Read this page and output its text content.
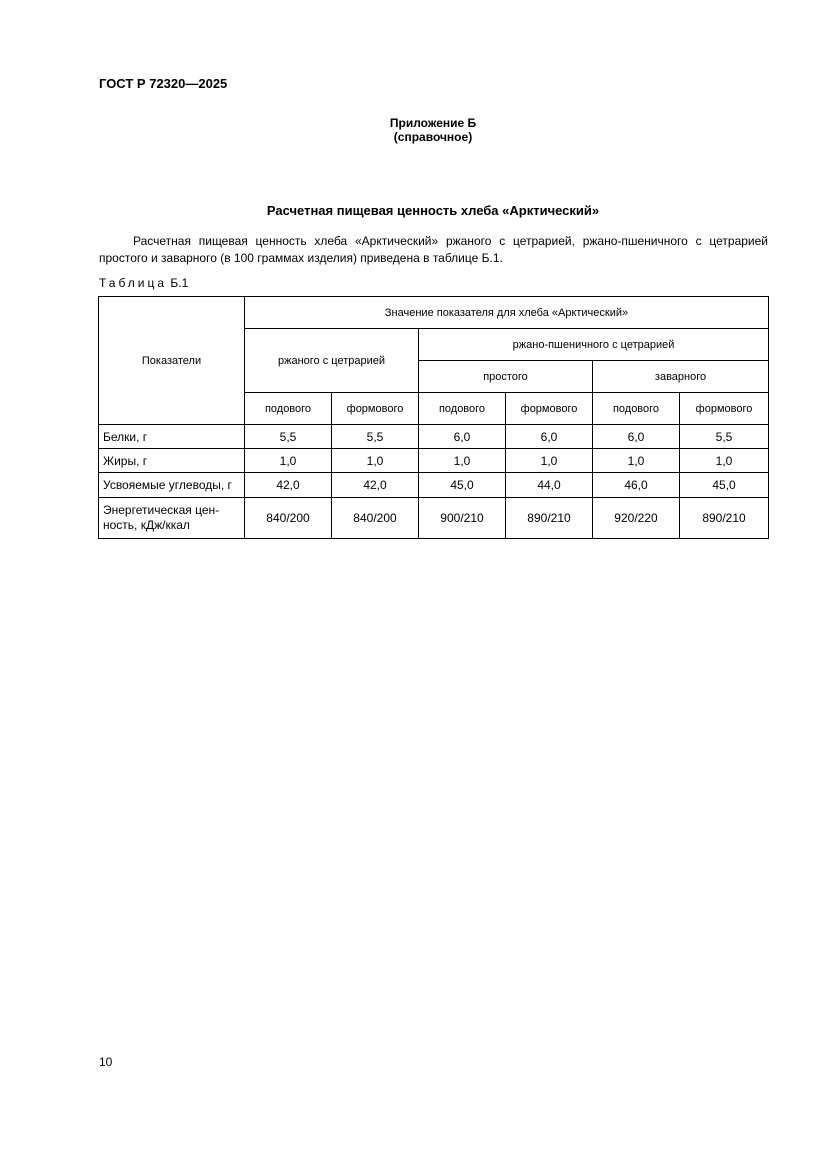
ГОСТ Р 72320—2025
Приложение Б
(справочное)
Расчетная пищевая ценность хлеба «Арктический»

Расчетная пищевая ценность хлеба «Арктический» ржаного с цетрарией, ржано-пшеничного с цетрарией простого и заварного (в 100 граммах изделия) приведена в таблице Б.1.

Таблица Б.1
Показатели	Значение показателя для хлеба «Арктический»					
	ржаного с цетрарией		ржано-пшеничного с цетрарией			
			простого		заварного	
	подового	формового	подового	формового	подового	формового
Белки, г	5,5	5,5	6,0	6,0	6,0	5,5
Жиры, г	1,0	1,0	1,0	1,0	1,0	1,0
Усвояемые углеводы, г	42,0	42,0	45,0	44,0	46,0	45,0
Энергетическая цен-ность, кДж/ккал	840/200	840/200	900/210	890/210	920/220	890/210
10
